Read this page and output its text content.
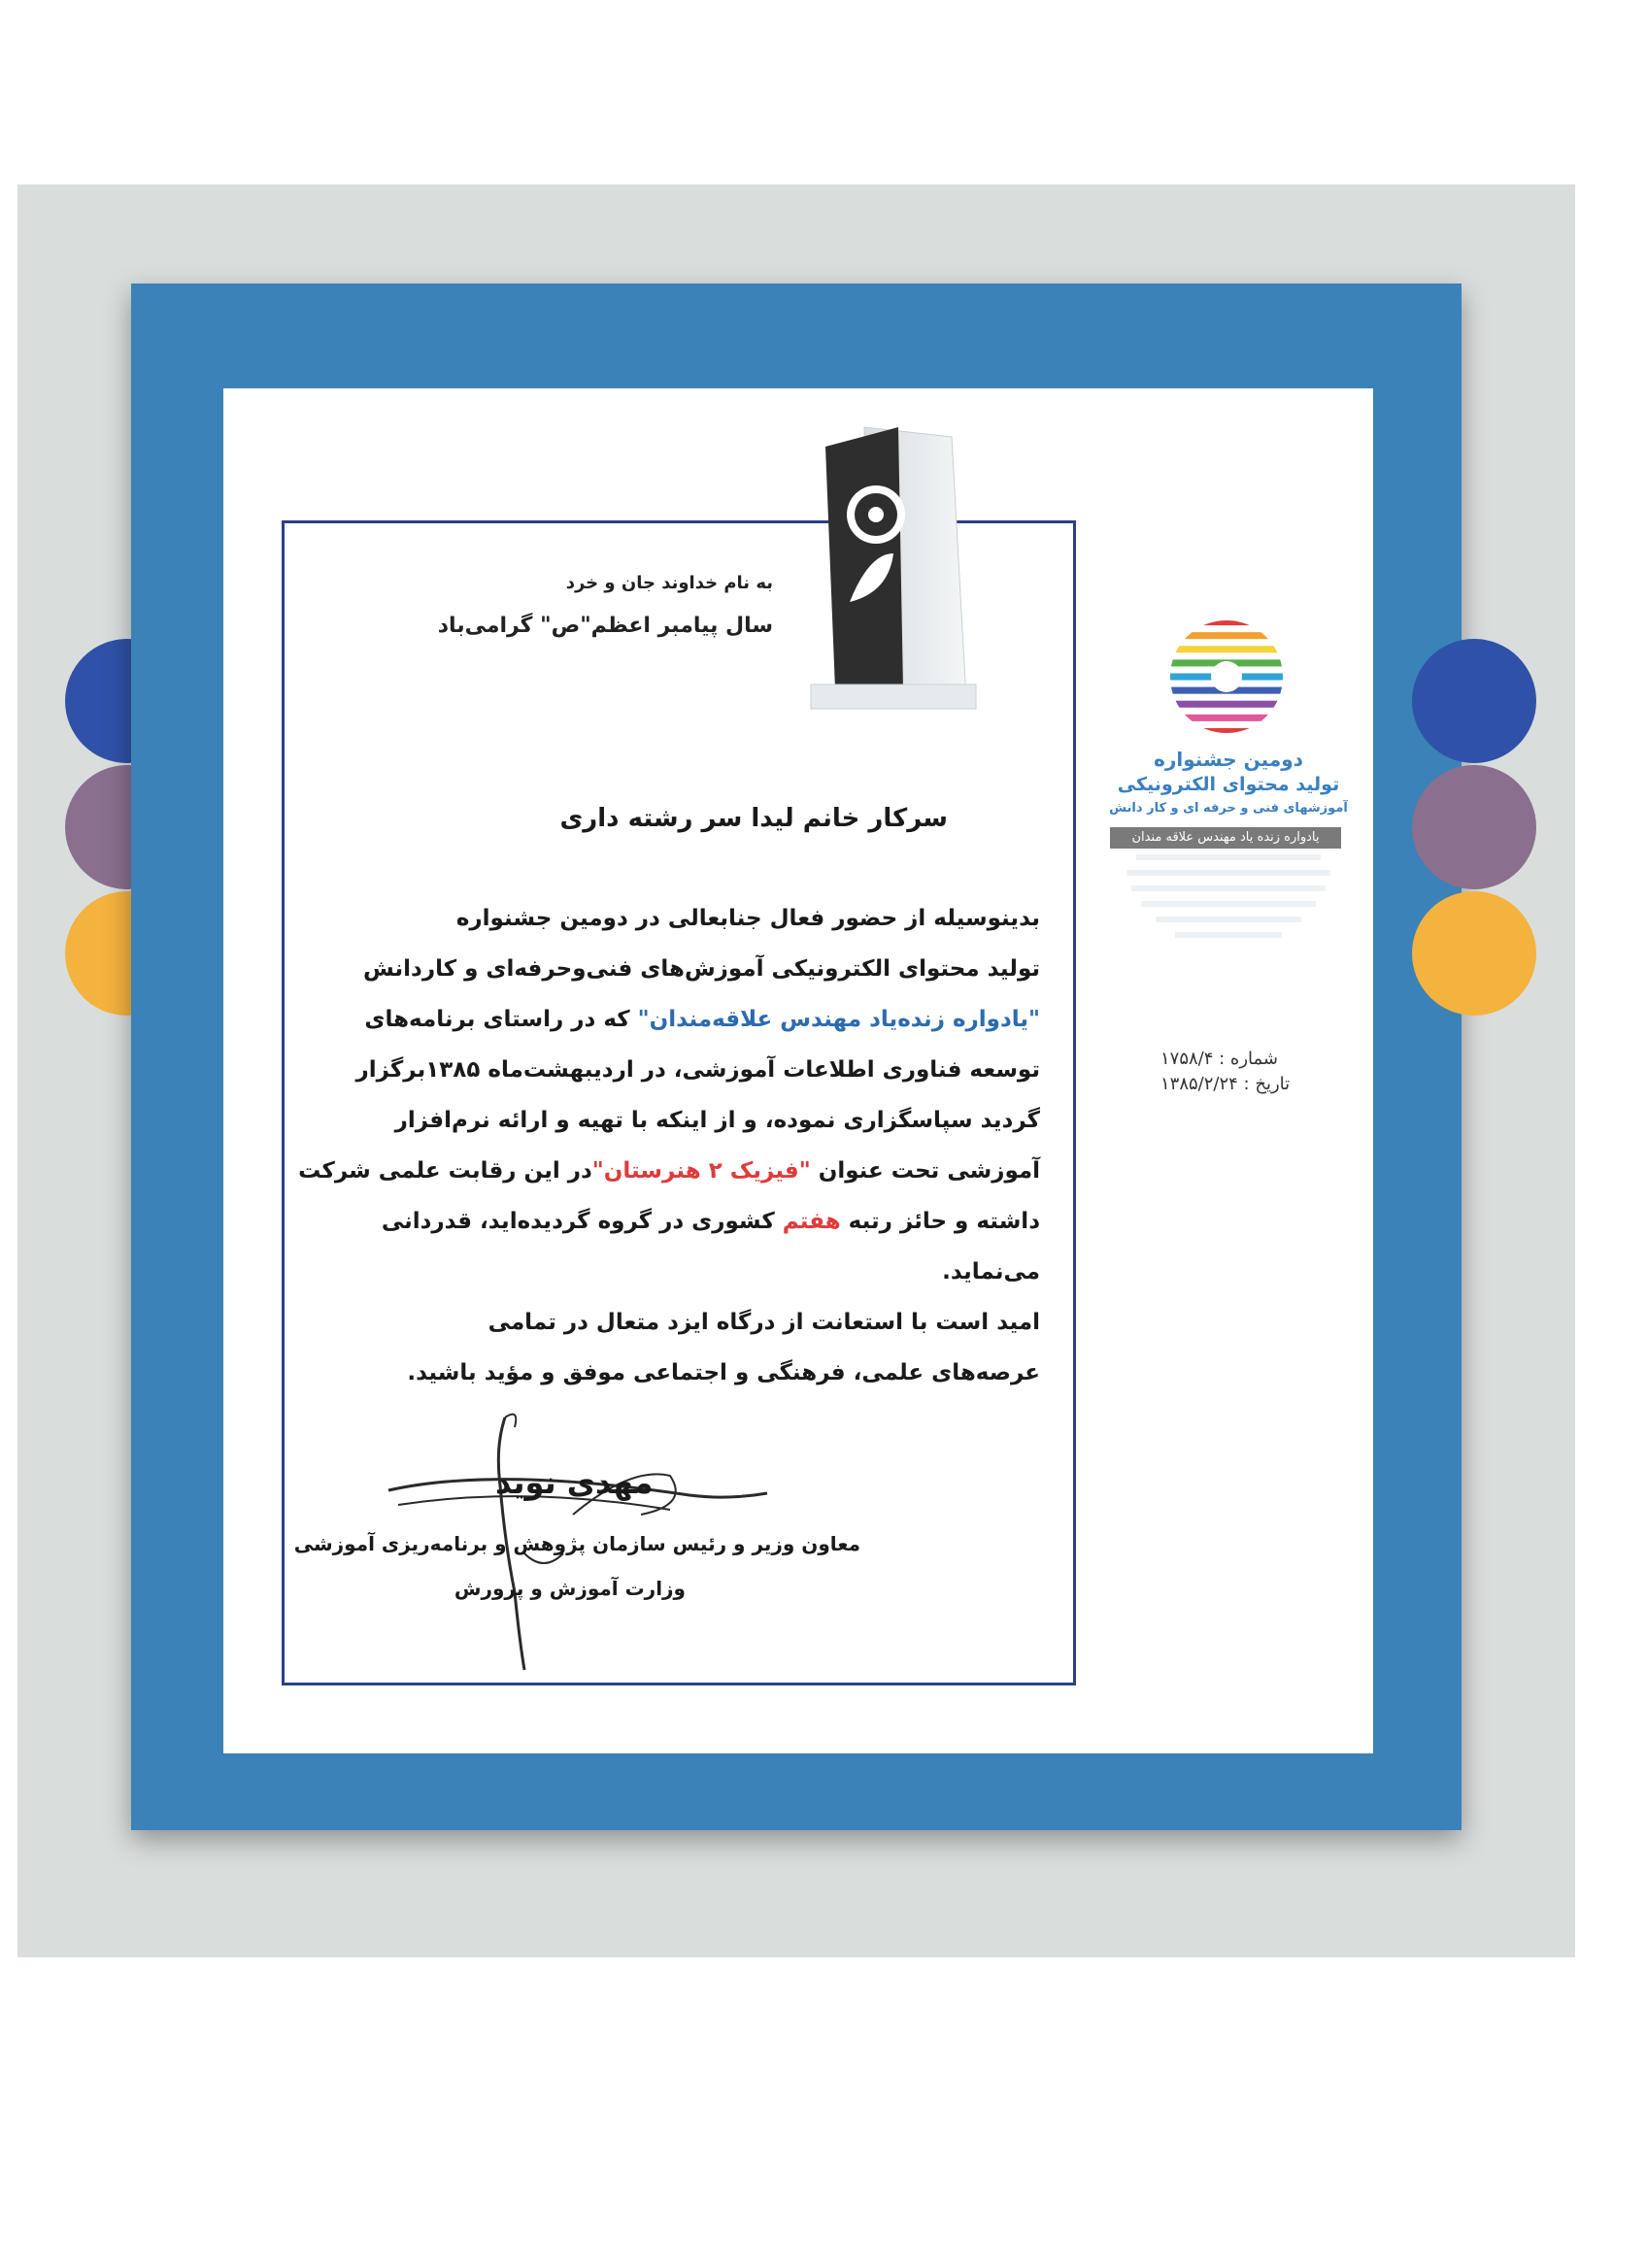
به نام خداوند جان و خرد
سال پیامبر اعظم"ص" گرامی‌باد
سرکار خانم لیدا سر رشته داری
بدینوسیله از حضور فعال جنابعالی در دومین جشنواره
تولید محتوای الکترونیکی آموزش‌های فنی‌وحرفه‌ای و کاردانش
"یادواره زنده‌یاد مهندس علاقه‌مندان" که در راستای برنامه‌های
توسعه فناوری اطلاعات آموزشی، در اردیبهشت‌ماه ۱۳۸۵برگزار
گردید سپاسگزاری نموده، و از اینکه با تهیه و ارائه نرم‌افزار
آموزشی تحت عنوان "فیزیک ۲ هنرستان"در این رقابت علمی شرکت
داشته و حائز رتبه هفتم کشوری در گروه گردیده‌اید، قدردانی
می‌نماید.
امید است با استعانت از درگاه ایزد متعال در تمامی
عرصه‌های علمی، فرهنگی و اجتماعی موفق و مؤید باشید.
مهدی نوید
معاون وزیر و رئیس سازمان پژوهش و برنامه‌ریزی آموزشی
وزارت آموزش و پرورش
دومین جشنواره
تولید محتوای الکترونیکی
آموزشهای فنی و حرفه ای و کار دانش
یادواره زنده یاد مهندس علاقه مندان
شماره : ۱۷۵۸/۴
تاریخ : ۱۳۸۵/۲/۲۴
